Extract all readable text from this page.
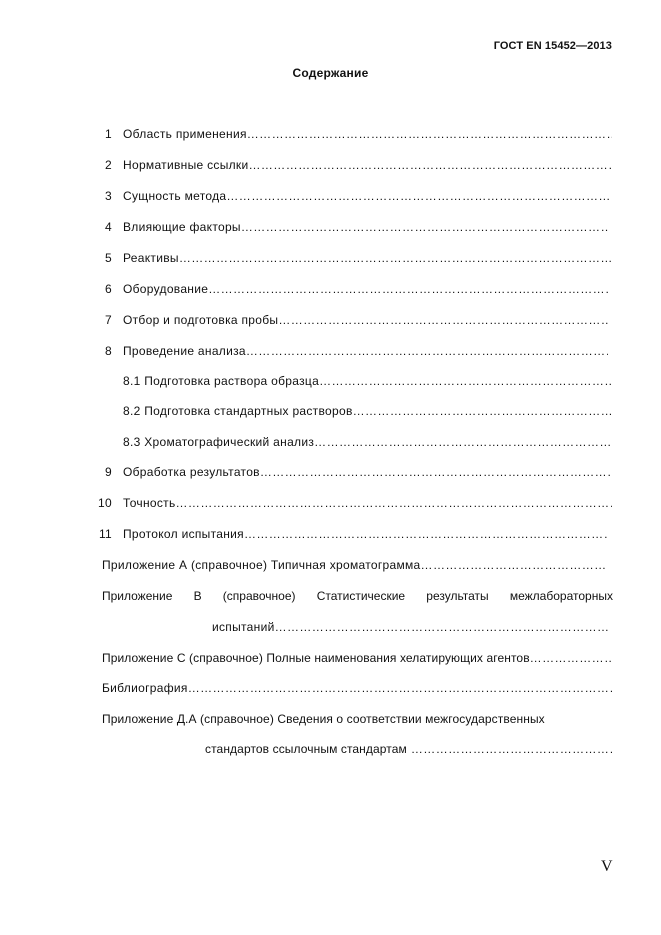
ГОСТ EN 15452—2013
Содержание
1 Область применения
……………………………………………………………………………………………………………………………………………………
2 Нормативные ссылки
……………………………………………………………………………………………………………………………………………………
3 Сущность метода
……………………………………………………………………………………………………………………………………………………
4 Влияющие факторы
……………………………………………………………………………………………………………………………………………………
5 Реактивы
……………………………………………………………………………………………………………………………………………………
6 Оборудование
……………………………………………………………………………………………………………………………………………………
7 Отбор и подготовка пробы
……………………………………………………………………………………………………………………………………………………
8 Проведение анализа
……………………………………………………………………………………………………………………………………………………
8.1 Подготовка раствора образца
……………………………………………………………………………………………………………………………………………………
8.2 Подготовка стандартных растворов
……………………………………………………………………………………………………………………………………………………
8.3 Хроматографический анализ
……………………………………………………………………………………………………………………………………………………
9 Обработка результатов
……………………………………………………………………………………………………………………………………………………
10 Точность
……………………………………………………………………………………………………………………………………………………
11 Протокол испытания
……………………………………………………………………………………………………………………………………………………
Приложение А (справочное) Типичная хроматограмма
……………………………………………………………………………………………………………………………………………………
Приложение В (справочное) Статистические результаты межлабораторных
испытаний
……………………………………………………………………………………………………………………………………………………
Приложение С (справочное) Полные наименования хелатирующих агентов
……………………………………………………………………………………………………………………………………………………
Библиография
……………………………………………………………………………………………………………………………………………………
Приложение Д.А (справочное) Сведения о соответствии межгосударственных
стандартов ссылочным стандартам
……………………………………………………………………………………………………………………………………………………
V
